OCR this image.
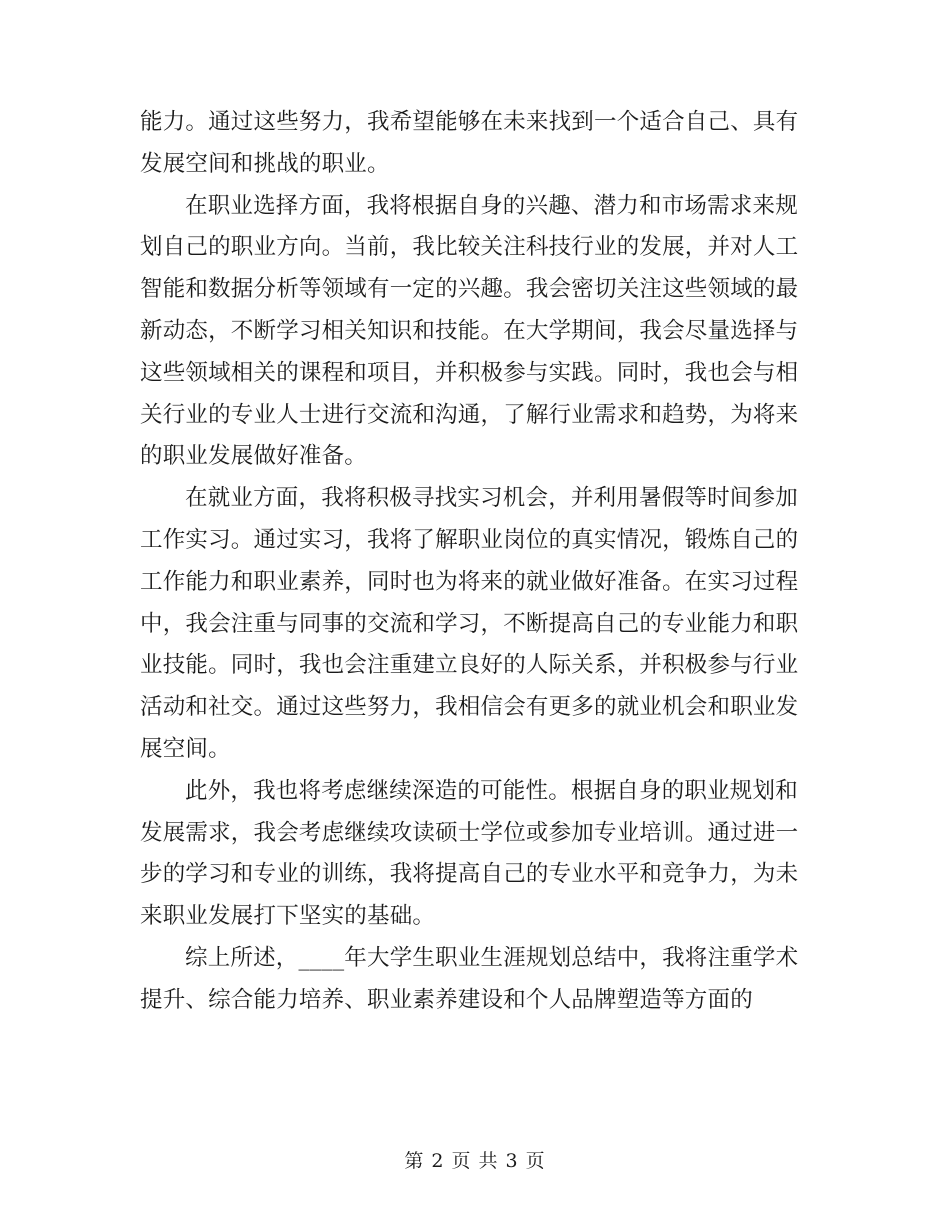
能力。通过这些努力，我希望能够在未来找到一个适合自己、具有发展空间和挑战的职业。

在职业选择方面，我将根据自身的兴趣、潜力和市场需求来规划自己的职业方向。当前，我比较关注科技行业的发展，并对人工智能和数据分析等领域有一定的兴趣。我会密切关注这些领域的最新动态，不断学习相关知识和技能。在大学期间，我会尽量选择与这些领域相关的课程和项目，并积极参与实践。同时，我也会与相关行业的专业人士进行交流和沟通，了解行业需求和趋势，为将来的职业发展做好准备。

在就业方面，我将积极寻找实习机会，并利用暑假等时间参加工作实习。通过实习，我将了解职业岗位的真实情况，锻炼自己的工作能力和职业素养，同时也为将来的就业做好准备。在实习过程中，我会注重与同事的交流和学习，不断提高自己的专业能力和职业技能。同时，我也会注重建立良好的人际关系，并积极参与行业活动和社交。通过这些努力，我相信会有更多的就业机会和职业发展空间。

此外，我也将考虑继续深造的可能性。根据自身的职业规划和发展需求，我会考虑继续攻读硕士学位或参加专业培训。通过进一步的学习和专业的训练，我将提高自己的专业水平和竞争力，为未来职业发展打下坚实的基础。

综上所述，____年大学生职业生涯规划总结中，我将注重学术提升、综合能力培养、职业素养建设和个人品牌塑造等方面的

第 2 页 共 3 页
